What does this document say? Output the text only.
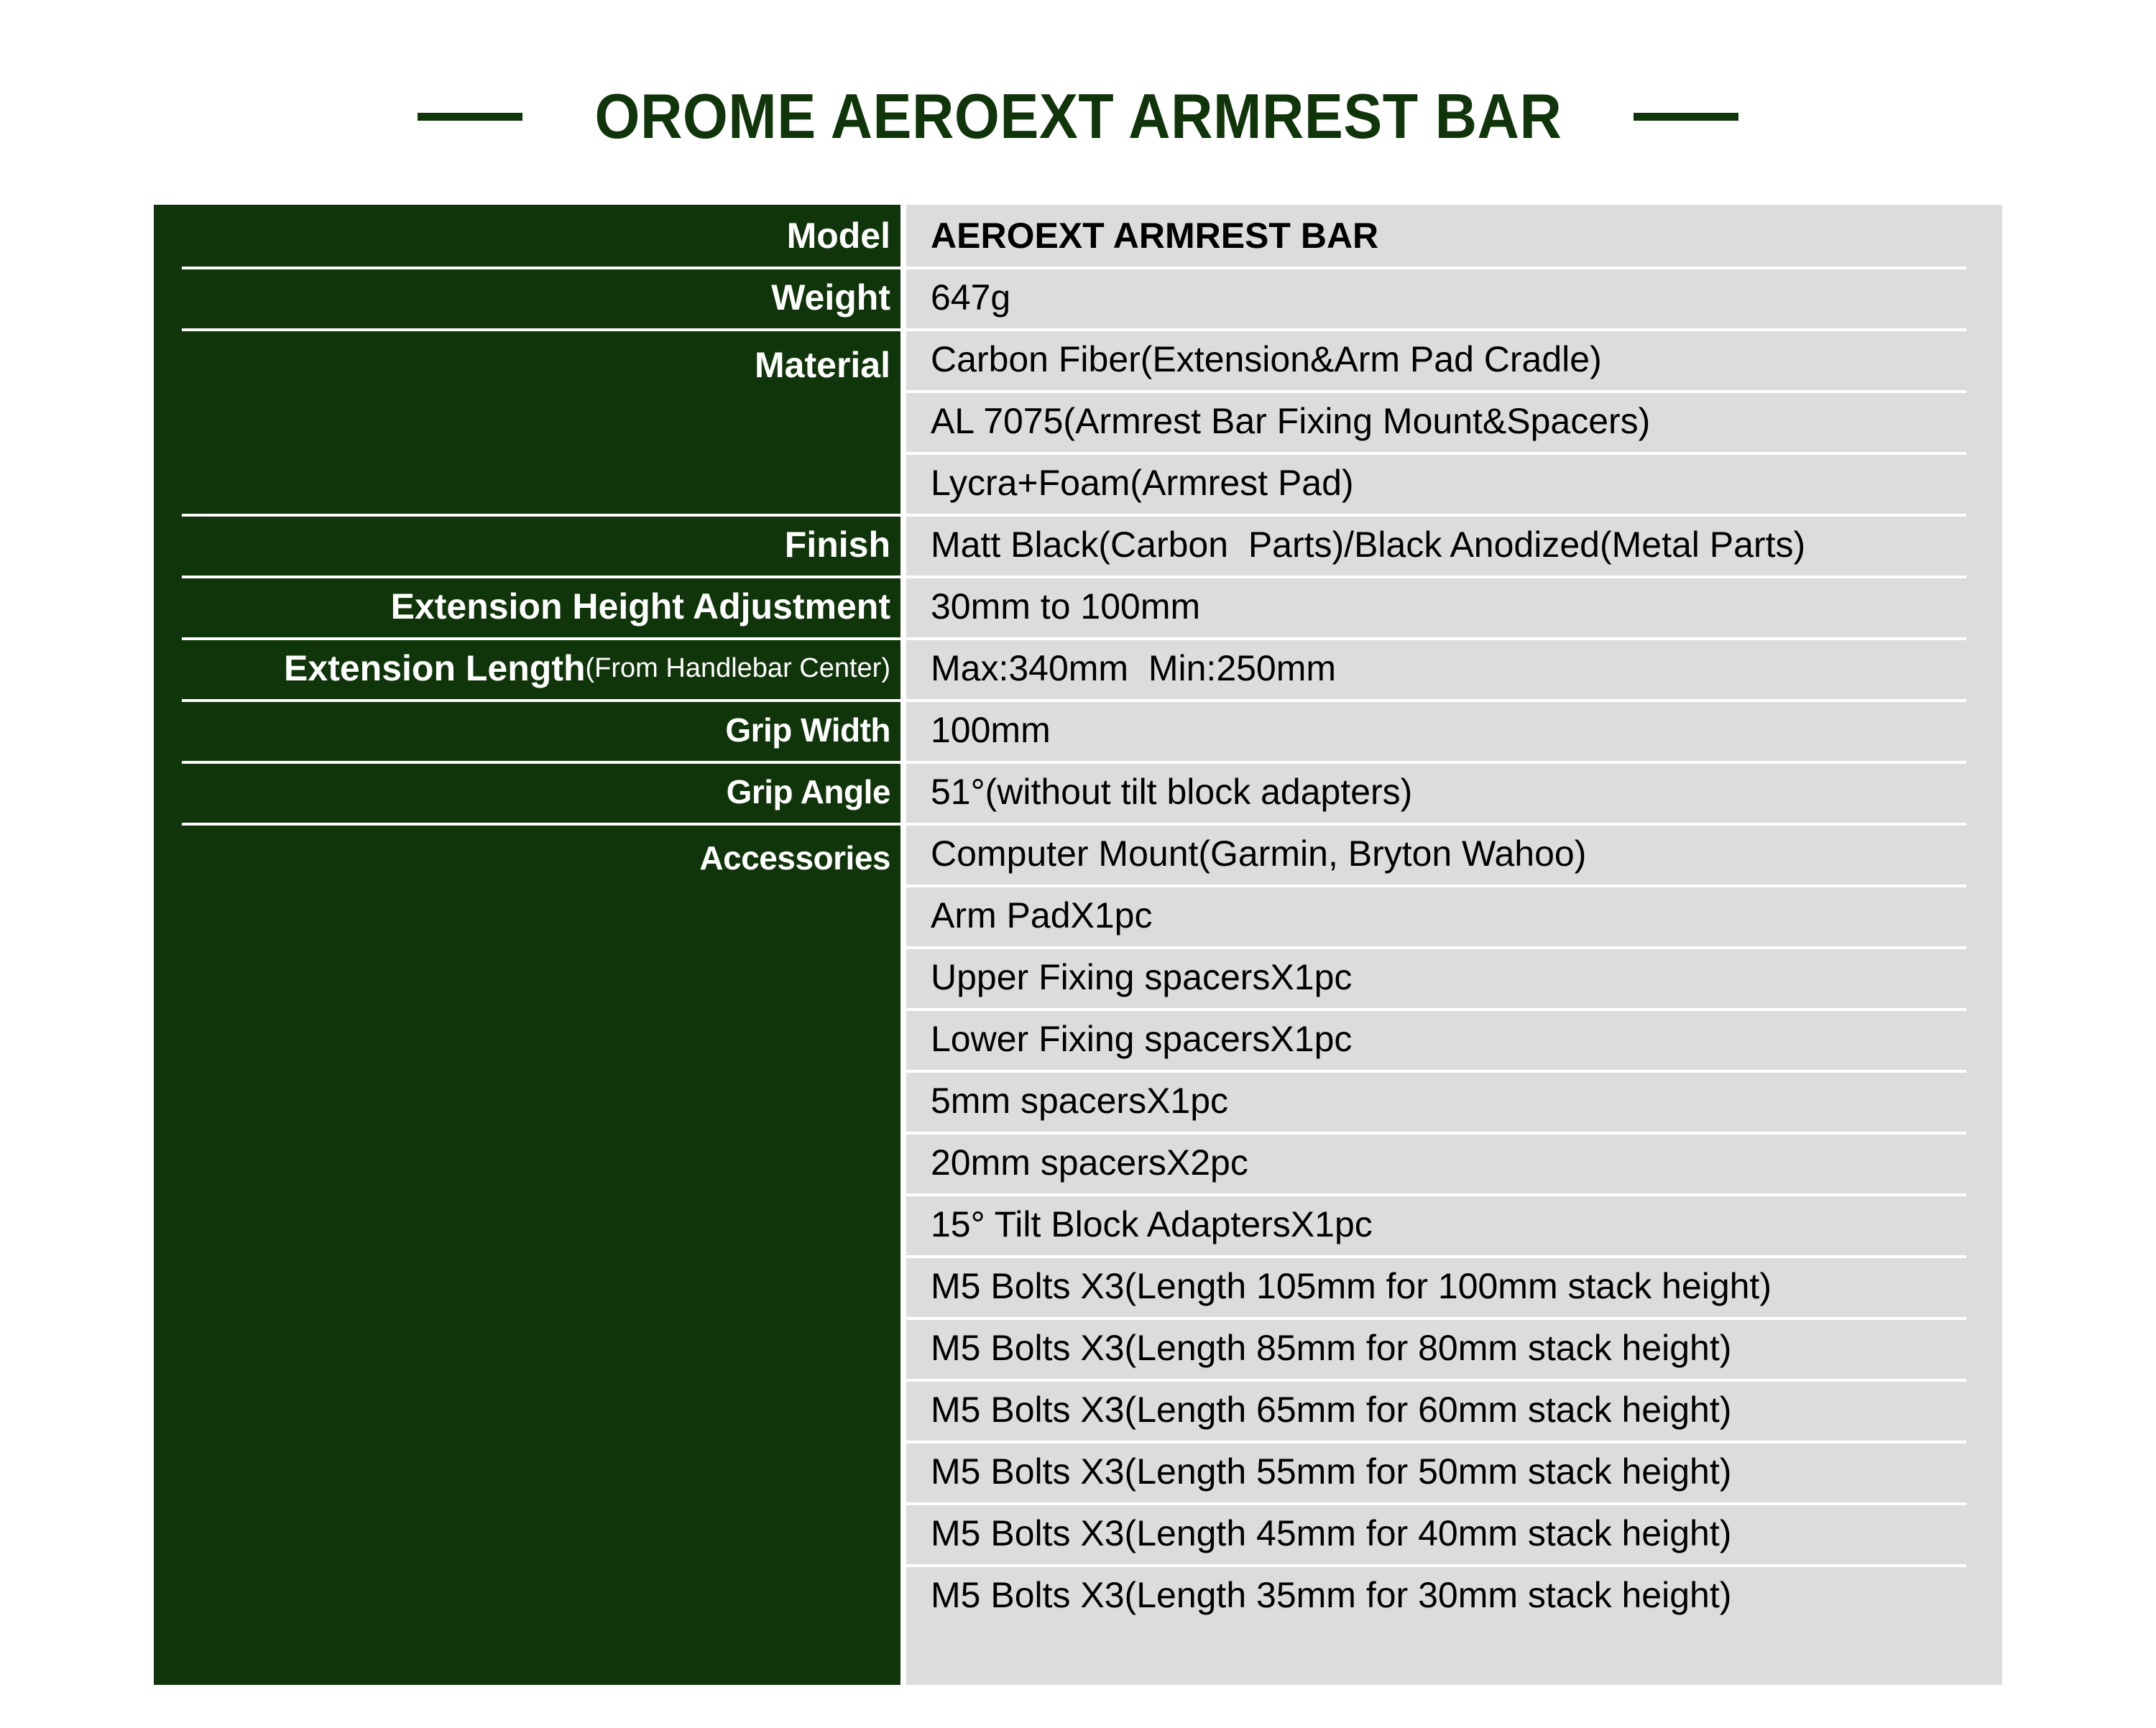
OROME AEROEXT ARMREST BAR
Model
Weight
Material
Finish
Extension Height Adjustment
Extension Length (From Handlebar Center)
Grip Width
Grip Angle
Accessories
AEROEXT ARMREST BAR
647g
Carbon Fiber(Extension&Arm Pad Cradle)
AL 7075(Armrest Bar Fixing Mount&Spacers)
Lycra+Foam(Armrest Pad)
Matt Black(Carbon  Parts)/Black Anodized(Metal Parts)
30mm to 100mm
Max:340mm  Min:250mm
100mm
51°(without tilt block adapters)
Computer Mount(Garmin, Bryton Wahoo)
Arm PadX1pc
Upper Fixing spacersX1pc
Lower Fixing spacersX1pc
5mm spacersX1pc
20mm spacersX2pc
15° Tilt Block AdaptersX1pc
M5 Bolts X3(Length 105mm for 100mm stack height)
M5 Bolts X3(Length 85mm for 80mm stack height)
M5 Bolts X3(Length 65mm for 60mm stack height)
M5 Bolts X3(Length 55mm for 50mm stack height)
M5 Bolts X3(Length 45mm for 40mm stack height)
M5 Bolts X3(Length 35mm for 30mm stack height)
